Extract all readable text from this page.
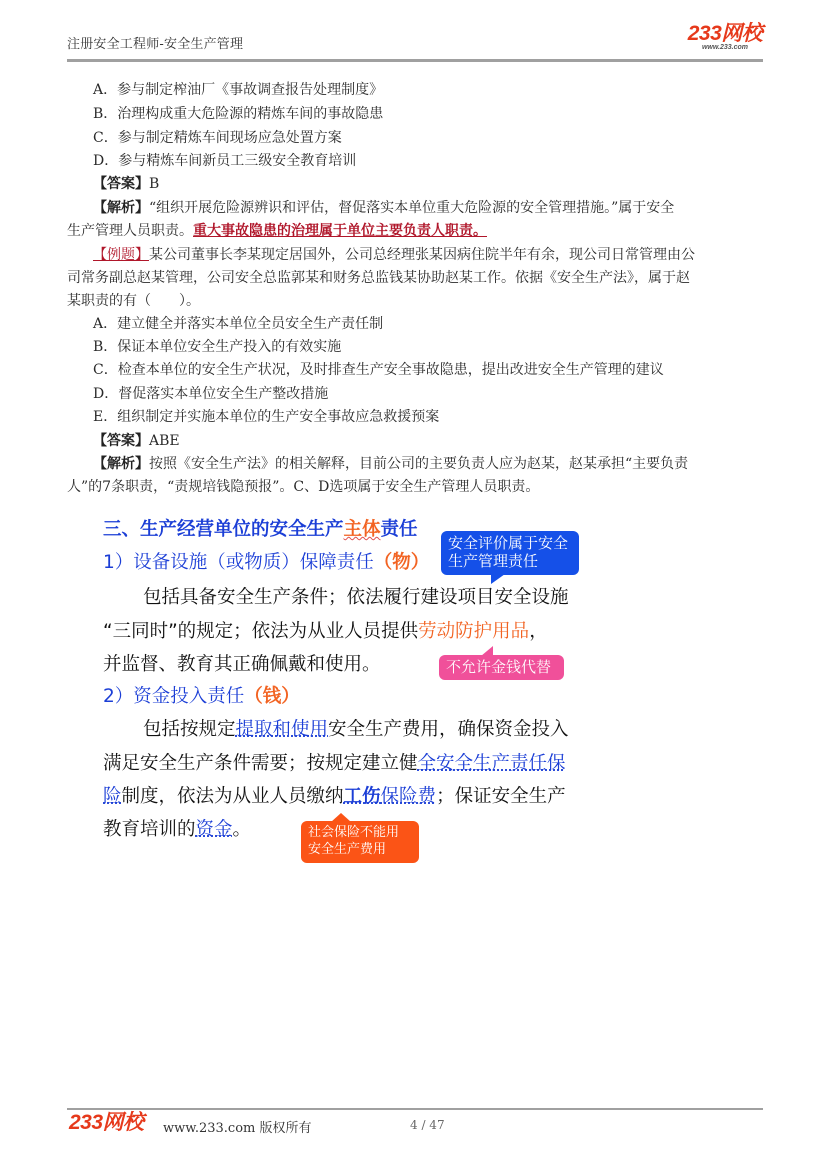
注册安全工程师-安全生产管理	233网校
www.233.com
A．参与制定榨油厂《事故调查报告处理制度》
B．治理构成重大危险源的精炼车间的事故隐患
C．参与制定精炼车间现场应急处置方案
D．参与精炼车间新员工三级安全教育培训
【答案】B
【解析】“组织开展危险源辨识和评估，督促落实本单位重大危险源的安全管理措施。”属于安全
生产管理人员职责。重大事故隐患的治理属于单位主要负责人职责。
【例题】某公司董事长李某现定居国外，公司总经理张某因病住院半年有余，现公司日常管理由公
司常务副总赵某管理，公司安全总监郭某和财务总监钱某协助赵某工作。依据《安全生产法》，属于赵
某职责的有（　　）。
A．建立健全并落实本单位全员安全生产责任制
B．保证本单位安全生产投入的有效实施
C．检查本单位的安全生产状况，及时排查生产安全事故隐患，提出改进安全生产管理的建议
D．督促落实本单位安全生产整改措施
E．组织制定并实施本单位的生产安全事故应急救援预案
【答案】ABE
【解析】按照《安全生产法》的相关解释，目前公司的主要负责人应为赵某，赵某承担“主要负责
人”的7条职责，“责规培钱隐预报”。C、D选项属于安全生产管理人员职责。
三、生产经营单位的安全生产主体责任
1）设备设施（或物质）保障责任（物）
包括具备安全生产条件；依法履行建设项目安全设施
“三同时”的规定；依法为从业人员提供劳动防护用品，
并监督、教育其正确佩戴和使用。
2）资金投入责任（钱）
包括按规定提取和使用安全生产费用，确保资金投入
满足安全生产条件需要；按规定建立健全安全生产责任保
险制度，依法为从业人员缴纳工伤保险费；保证安全生产
教育培训的资金。
安全评价属于安全
生产管理责任
不允许金钱代替
社会保险不能用
安全生产费用
233网校 www.233.com 版权所有	4 / 47
